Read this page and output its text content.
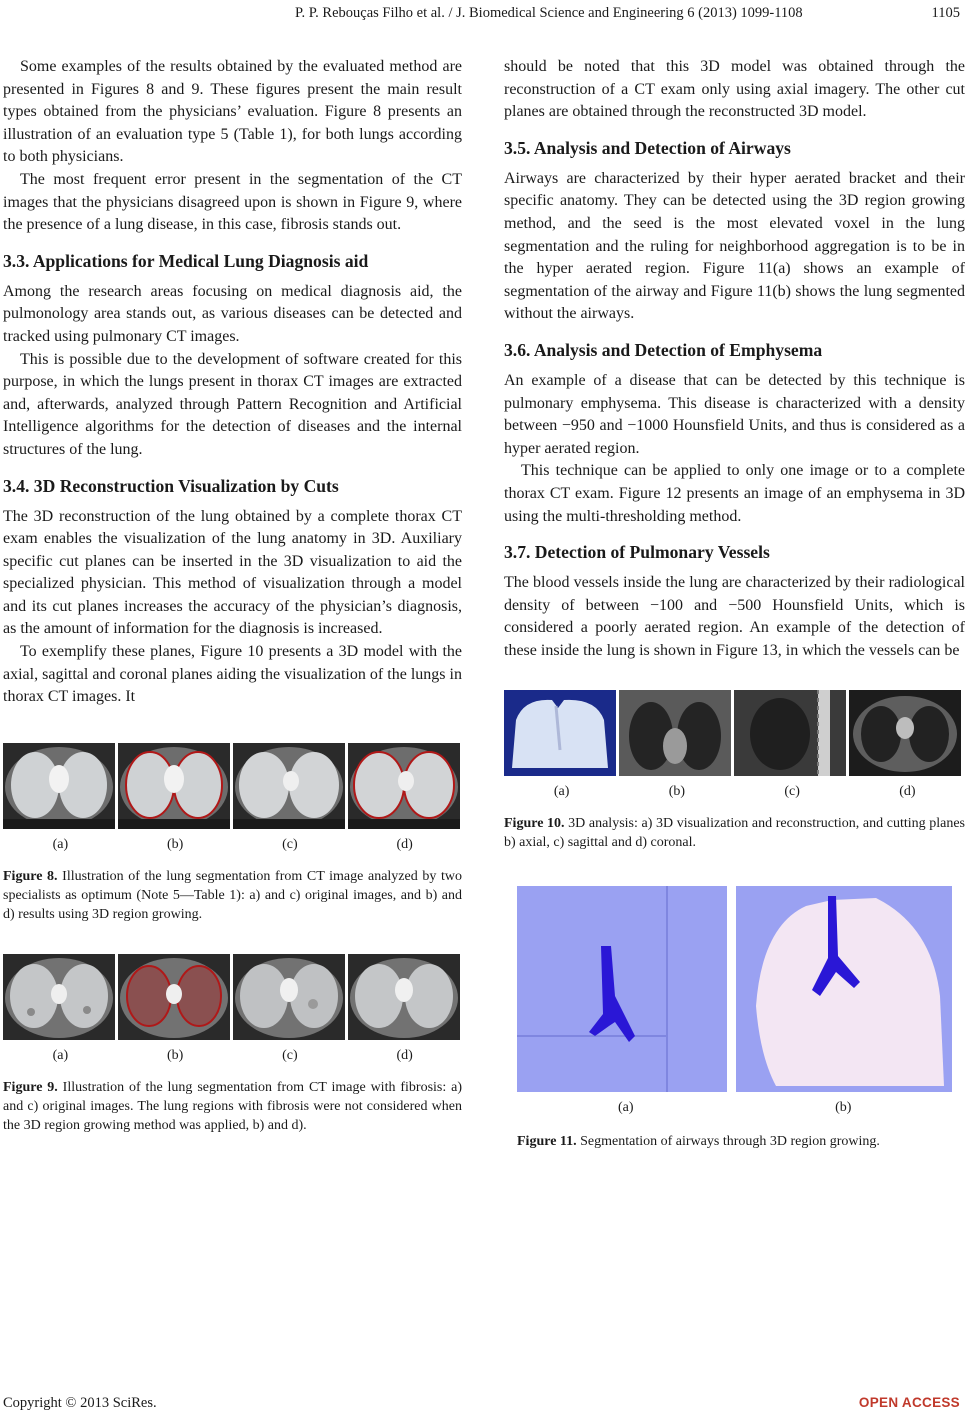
P. P. Rebouças Filho et al. / J. Biomedical Science and Engineering 6 (2013) 1099-1108	1105

Some examples of the results obtained by the evaluated method are presented in Figures 8 and 9. These figures present the main result types obtained from the physicians’ evaluation. Figure 8 presents an illustration of an evaluation type 5 (Table 1), for both lungs according to both physicians.

The most frequent error present in the segmentation of the CT images that the physicians disagreed upon is shown in Figure 9, where the presence of a lung disease, in this case, fibrosis stands out.

3.3. Applications for Medical Lung Diagnosis aid

Among the research areas focusing on medical diagnosis aid, the pulmonology area stands out, as various diseases can be detected and tracked using pulmonary CT images.

This is possible due to the development of software created for this purpose, in which the lungs present in thorax CT images are extracted and, afterwards, analyzed through Pattern Recognition and Artificial Intelligence algorithms for the detection of diseases and the internal structures of the lung.

3.4. 3D Reconstruction Visualization by Cuts

The 3D reconstruction of the lung obtained by a complete thorax CT exam enables the visualization of the lung anatomy in 3D. Auxiliary specific cut planes can be inserted in the 3D visualization to aid the specialized physician. This method of visualization through a model and its cut planes increases the accuracy of the physician’s diagnosis, as the amount of information for the diagnosis is increased.

To exemplify these planes, Figure 10 presents a 3D model with the axial, sagittal and coronal planes aiding the visualization of the lungs in thorax CT images. It

(a)	(b)	(c)	(d)

Figure 8. Illustration of the lung segmentation from CT image analyzed by two specialists as optimum (Note 5—Table 1): a) and c) original images, and b) and d) results using 3D region growing.

(a)	(b)	(c)	(d)

Figure 9. Illustration of the lung segmentation from CT image with fibrosis: a) and c) original images. The lung regions with fibrosis were not considered when the 3D region growing method was applied, b) and d).

should be noted that this 3D model was obtained through the reconstruction of a CT exam only using axial imagery. The other cut planes are obtained through the reconstructed 3D model.

3.5. Analysis and Detection of Airways

Airways are characterized by their hyper aerated bracket and their specific anatomy. They can be detected using the 3D region growing method, and the seed is the most elevated voxel in the lung segmentation and the ruling for neighborhood aggregation is to be in the hyper aerated region. Figure 11(a) shows an example of segmentation of the airway and Figure 11(b) shows the lung segmented without the airways.

3.6. Analysis and Detection of Emphysema

An example of a disease that can be detected by this technique is pulmonary emphysema. This disease is characterized with a density between −950 and −1000 Hounsfield Units, and thus is considered as a hyper aerated region.

This technique can be applied to only one image or to a complete thorax CT exam. Figure 12 presents an image of an emphysema in 3D using the multi-thresholding method.

3.7. Detection of Pulmonary Vessels

The blood vessels inside the lung are characterized by their radiological density of between −100 and −500 Hounsfield Units, which is considered a poorly aerated region. An example of the detection of these inside the lung is shown in Figure 13, in which the vessels can be

(a)	(b)	(c)	(d)

Figure 10. 3D analysis: a) 3D visualization and reconstruction, and cutting planes b) axial, c) sagittal and d) coronal.

(a)	(b)

Figure 11. Segmentation of airways through 3D region growing.

Copyright © 2013 SciRes.	OPEN ACCESS
